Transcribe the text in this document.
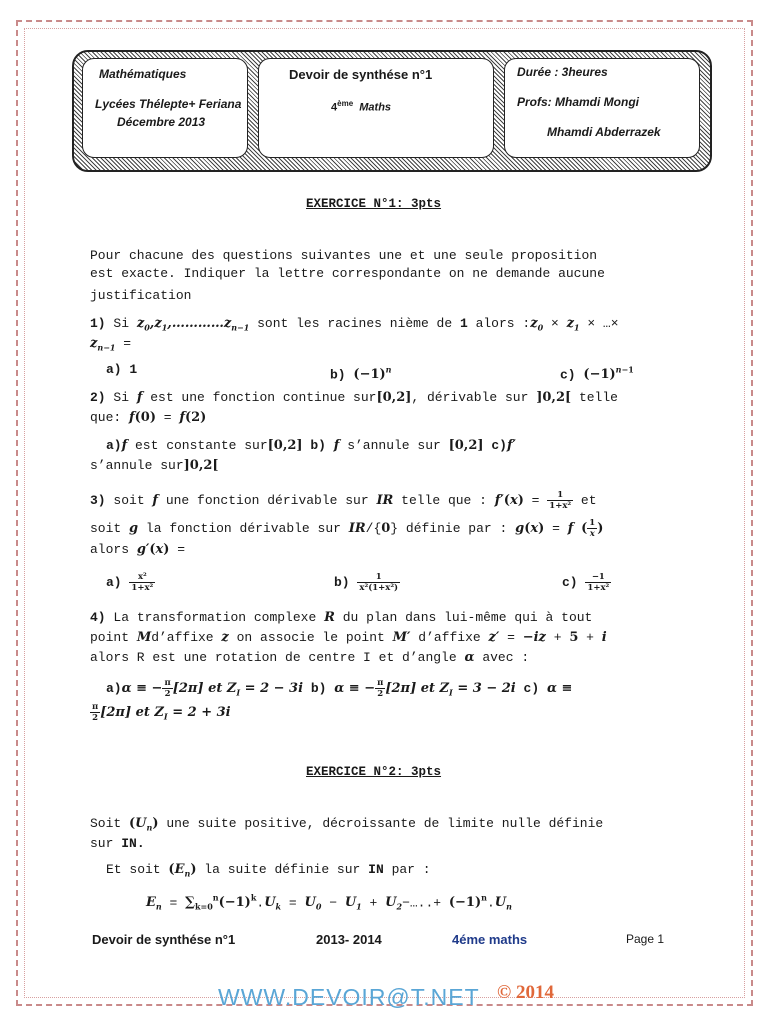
Mathématiques
Lycées Thélepte+ Feriana
Décembre 2013
Devoir de synthése n°1
4ème Maths
Durée : 3heures
Profs: Mhamdi Mongi
Mhamdi Abderrazek
EXERCICE N°1: 3pts
Pour chacune des questions suivantes une et une seule proposition
est exacte. Indiquer la lettre correspondante on ne demande aucune
justification
1) Si $z_0,z_1,\dots\dots\dots\dots z_{n-1}$ sont les racines nième de 1 alors $:z_0 \times z_1$ × …×
$z_{n-1}$ =
a) 1	b) $(-1)^n$	c) $(-1)^{n-1}$
2) Si f est une fonction continue sur[0,2], dérivable sur ]0,2[ telle
que: f(0) = f(2)
a)f est constante sur[0,2] b) f s’annule sur [0,2] c)f′
s’annule sur]0,2[
3) soit f une fonction dérivable sur IR telle que : $f'(x) = \frac{1}{\text{1+x²}}$ et
soit g la fonction dérivable sur IR/{0} définie par : g(x) = f ( $\frac{1}{x}$ )
alors g′(x) =
$a) \frac{\text{x²}}{\text{1+x²}}$	$b) \frac{1}{\text{x²(1+x²)}}$	$c) \frac{-1}{\text{1+x²}}$
4) La transformation complexe R du plan dans lui-même qui à tout
point Md’affixe z on associe le point M′ d’affixe z′ = −iz + 5 + i
alors R est une rotation de centre I et d’angle α avec :
a)α ≡ − $\frac{\pi}{2} [2\pi]$ et $Z_I = 2 - 3i$ b) α ≡ − $\frac{\pi}{2} [2\pi]$ et $Z_I = 3 - 2i$ c) α ≡
$\frac{\pi}{2} [2\pi]$ et $Z_I = 2 + 3i$
EXERCICE N°2: 3pts
Soit $(U_n)$ une suite positive, décroissante de limite nulle définie
sur IN.
Et soit $(E_n)$ la suite définie sur IN par :
$E_n = \sum_{k=0}^n(-1)^k.U_k = U_0 - U_1$ + $U_2-\dots..+ (-1)^n.U_n$
Devoir de synthése n°1	2013- 2014	4éme maths	Page 1
WWW.DEVOIR@T.NET © 2014
